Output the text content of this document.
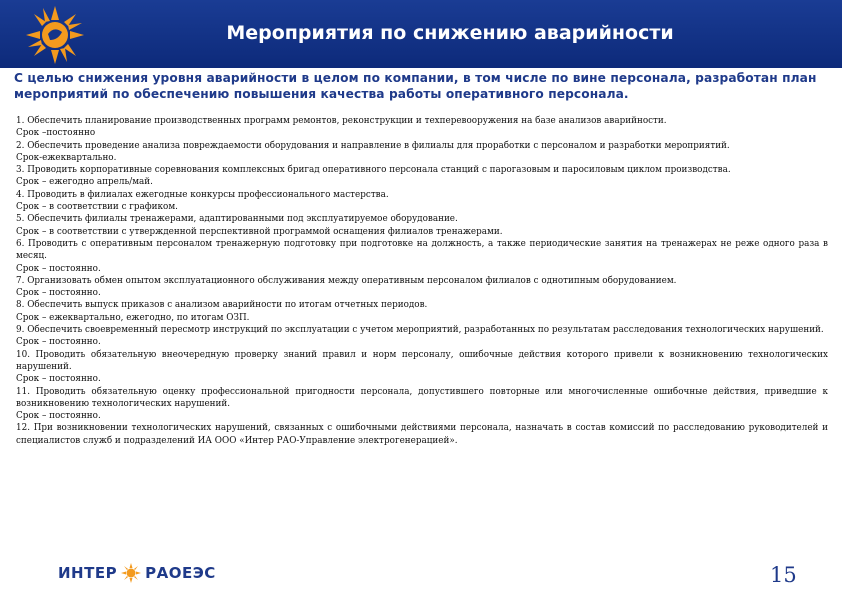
Мероприятия по снижению аварийности
С целью снижения уровня аварийности в целом по компании, в том числе по вине персонала, разработан план мероприятий по обеспечению повышения качества работы оперативного персонала.

1. Обеспечить планирование производственных программ ремонтов, реконструкции и техперевооружения на базе анализов аварийности.

Срок –постоянно

2. Обеспечить проведение анализа повреждаемости оборудования и направление в филиалы для проработки с персоналом и разработки мероприятий.

Срок-ежеквартально.

3. Проводить корпоративные соревнования комплексных бригад оперативного персонала станций с парогазовым и паросиловым циклом производства.

Срок – ежегодно апрель/май.

4. Проводить в филиалах ежегодные конкурсы профессионального мастерства.

Срок – в соответствии с графиком.

5. Обеспечить филиалы тренажерами, адаптированными под эксплуатируемое оборудование.

Срок – в соответствии с утвержденной перспективной программой оснащения филиалов тренажерами.

6. Проводить с оперативным персоналом тренажерную подготовку при подготовке на должность, а также периодические занятия на тренажерах не реже одного раза в месяц.

Срок – постоянно.

7. Организовать обмен опытом эксплуатационного обслуживания между оперативным персоналом филиалов с однотипным оборудованием.

Срок – постоянно.

8. Обеспечить выпуск приказов с анализом аварийности по итогам отчетных периодов.

Срок – ежеквартально, ежегодно, по итогам ОЗП.

9. Обеспечить своевременный пересмотр инструкций по эксплуатации с учетом мероприятий, разработанных по результатам расследования технологических нарушений.

Срок – постоянно.

10. Проводить обязательную внеочередную проверку знаний правил и норм персоналу, ошибочные действия которого привели к возникновению технологических нарушений.

Срок – постоянно.

11. Проводить обязательную оценку профессиональной пригодности персонала, допустившего повторные или многочисленные ошибочные действия, приведшие к возникновению технологических нарушений.

Срок – постоянно.

12. При возникновении технологических нарушений, связанных с ошибочными действиями персонала, назначать в состав комиссий по расследованию руководителей и специалистов служб и подразделений ИА ООО «Интер РАО-Управление электрогенерацией».

ИНТЕР РАОЕЭС	15
